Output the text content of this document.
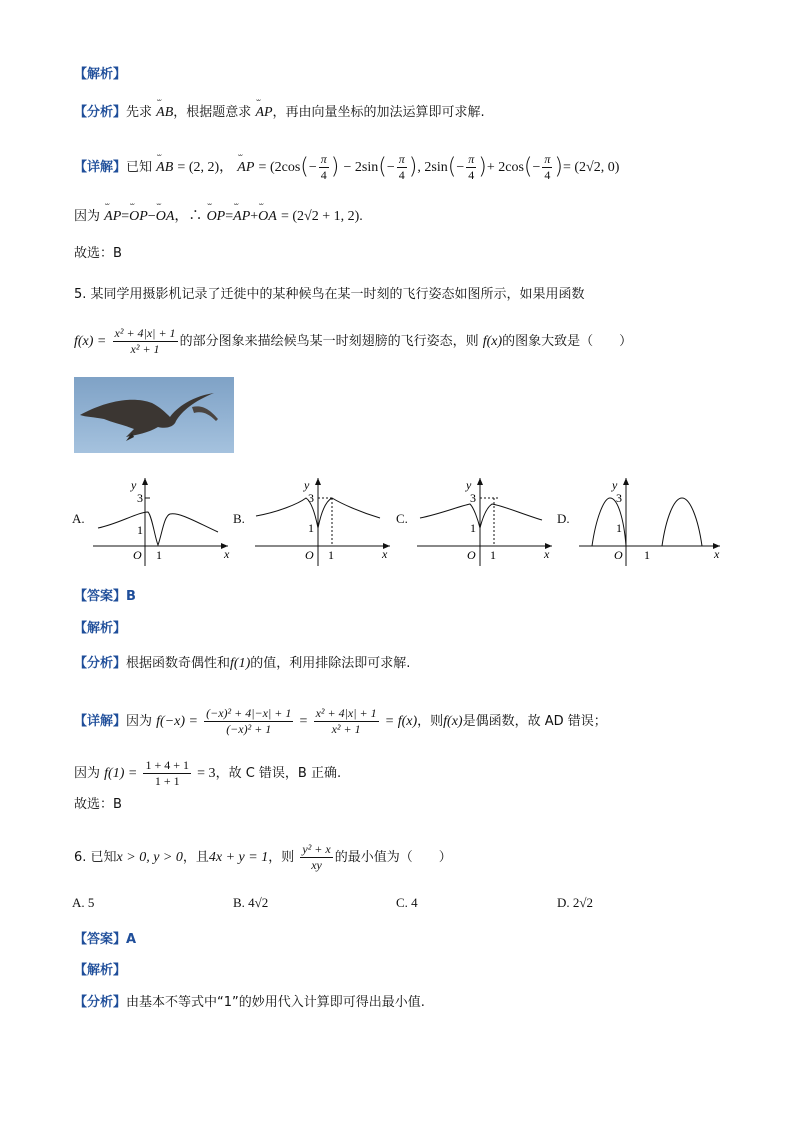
【解析】
【分析】先求 ˘˘ AB，根据题意求 ˘˘ AP，再由向量坐标的加法运算即可求解.
【详解】已知 ˘˘ AB = (2, 2)， ˘˘ AP = ($2\cos(- \frac{\pi}{4}$ ) − $2\sin(- \frac{\pi}{4}$ ), $2\sin(- \frac{\pi}{4}$ )+ $2\cos(- \frac{\pi}{4}$ )= (2√2, 0)
因为 ˘˘ AP=˘˘ OP−˘˘ OA，∴ ˘˘ OP=˘˘ AP+˘˘ OA = (2√2 + 1, 2).
故选：B
5. 某同学用摄影机记录了迁徙中的某种候鸟在某一时刻的飞行姿态如图所示，如果用函数
$f(x) = \frac{\text{x² + 4|x| + 1}}{\text{x² + 1}}$ 的部分图象来描绘候鸟某一时刻翅膀的飞行姿态，则 f(x)的图象大致是（　　）
A.	B.	C.	D.
y
3
1
O 1	x
y
3
1
O 1	x
y
3
1
O 1	x
y
3
1
O 1	x
【答案】B
【解析】
【分析】根据函数奇偶性和f(1)的值，利用排除法即可求解.
【详解】因为 $f(-x) = \frac{\text{(−x)² + 4|−x| + 1}}{\text{(−x)² + 1}} = \frac{\text{x² + 4|x| + 1}}{\text{x² + 1}} = f(x)$，则f(x)是偶函数，故 AD 错误；
因为 $f(1) = \frac{1 + 4 + 1}{1 + 1} = 3$，故 C 错误，B 正确.
故选：B
6. 已知x > 0, y > 0，且4x + y = 1，则 $\frac{\text{y² + x}}{xy}$ 的最小值为（　　）
A. 5	B. 4√2	C. 4	D. 2√2
【答案】A
【解析】
【分析】由基本不等式中“1”的妙用代入计算即可得出最小值.
